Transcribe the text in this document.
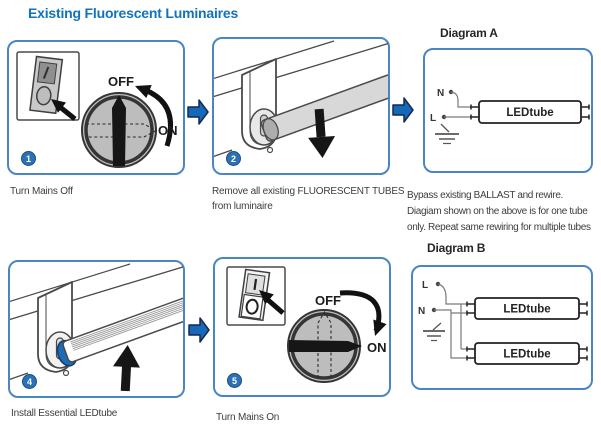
Existing Fluorescent Luminaires
OFF
ON
1
Turn Mains Off
2
Remove all existing FLUORESCENT TUBES
from luminaire
Diagram A
N
L	LEDtube
Bypass existing BALLAST and rewire.
Diagiam shown on the above is for one tube
only. Repeat same rewiring for multiple tubes
4
Install Essential LEDtube
OFF
ON
5
Turn Mains On
Diagram B
L
N	LEDtube
LEDtube
